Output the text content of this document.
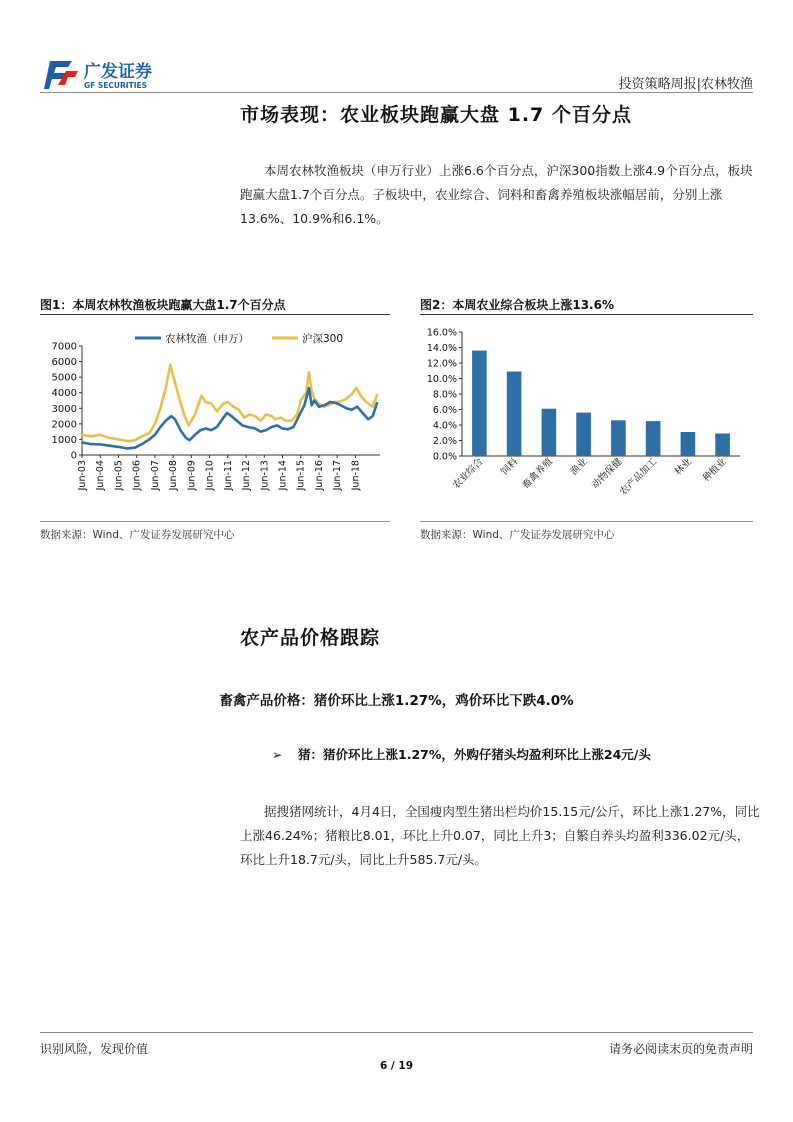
广发证券
GF SECURITIES	投资策略周报|农林牧渔
市场表现：农业板块跑赢大盘 1.7 个百分点
本周农林牧渔板块（申万行业）上涨6.6个百分点，沪深300指数上涨4.9个百分点，板块跑赢大盘1.7个百分点。子板块中，农业综合、饲料和畜禽养殖板块涨幅居前，分别上涨13.6%、10.9%和6.1%。
图1：本周农林牧渔板块跑赢大盘1.7个百分点
7000
6000
5000
4000
3000
2000
1000
0
Jun-03 Jun-04 Jun-05 Jun-06 Jun-07 Jun-08 Jun-09 Jun-10 Jun-11 Jun-12 Jun-13 Jun-14 Jun-15 Jun-16 Jun-17 Jun-18
农林牧渔（申万）	沪深300
数据来源：Wind、广发证券发展研究中心
图2：本周农业综合板块上涨13.6%
16.0%
14.0%
12.0%
10.0%
8.0%
6.0%
4.0%
2.0%
0.0%
农业综合 饲料 畜禽养殖 渔业 动物保健
农产品加工 林业 种植业
数据来源：Wind、广发证券发展研究中心
农产品价格跟踪
畜禽产品价格：猪价环比上涨1.27%，鸡价环比下跌4.0%
➢ 猪：猪价环比上涨1.27%，外购仔猪头均盈利环比上涨24元/头
据搜猪网统计，4月4日，全国瘦肉型生猪出栏均价15.15元/公斤，环比上涨1.27%，同比上涨46.24%；猪粮比8.01，环比上升0.07，同比上升3；自繁自养头均盈利336.02元/头，环比上升18.7元/头，同比上升585.7元/头。
识别风险，发现价值	请务必阅读末页的免责声明
6 / 19
